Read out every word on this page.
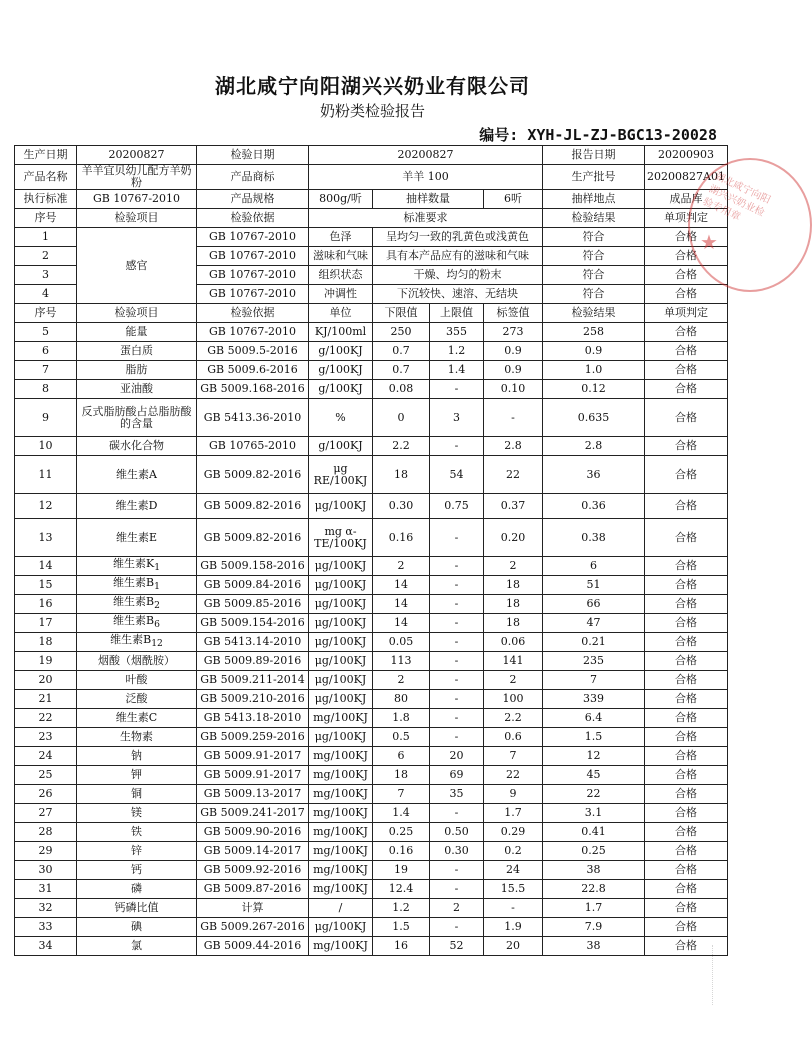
湖北咸宁向阳湖兴兴奶业有限公司
奶粉类检验报告
编号: XYH-JL-ZJ-BGC13-20028
生产日期	20200827	检验日期	20200827				报告日期	20200903
产品名称	羊羊宜贝幼儿配方羊奶粉	产品商标	羊羊 100				生产批号	20200827A01
执行标准	GB 10767-2010	产品规格	800g/听	抽样数量		6听	抽样地点	成品库
序号	检验项目	检验依据	标准要求				检验结果	单项判定
1	感官	GB 10767-2010	色泽	呈均匀一致的乳黄色或浅黄色			符合	合格
2		GB 10767-2010	滋味和气味	具有本产品应有的滋味和气味			符合	合格
3		GB 10767-2010	组织状态	干燥、均匀的粉末			符合	合格
4		GB 10767-2010	冲调性	下沉较快、速溶、无结块			符合	合格
序号	检验项目	检验依据	单位	下限值	上限值	标签值	检验结果	单项判定
5	能量	GB 10767-2010	KJ/100ml	250	355	273	258	合格
6	蛋白质	GB 5009.5-2016	g/100KJ	0.7	1.2	0.9	0.9	合格
7	脂肪	GB 5009.6-2016	g/100KJ	0.7	1.4	0.9	1.0	合格
8	亚油酸	GB 5009.168-2016	g/100KJ	0.08	-	0.10	0.12	合格
9	反式脂肪酸占总脂肪酸的含量	GB 5413.36-2010	%	0	3	-	0.635	合格
10	碳水化合物	GB 10765-2010	g/100KJ	2.2	-	2.8	2.8	合格
11	维生素A	GB 5009.82-2016	μg RE/100KJ	18	54	22	36	合格
12	维生素D	GB 5009.82-2016	μg/100KJ	0.30	0.75	0.37	0.36	合格
13	维生素E	GB 5009.82-2016	mg α-TE/100KJ	0.16	-	0.20	0.38	合格
14	维生素$K_1$	GB 5009.158-2016	μg/100KJ	2	-	2	6	合格
15	维生素$B_1$	GB 5009.84-2016	μg/100KJ	14	-	18	51	合格
16	维生素$B_2$	GB 5009.85-2016	μg/100KJ	14	-	18	66	合格
17	维生素$B_6$	GB 5009.154-2016	μg/100KJ	14	-	18	47	合格
18	维生素$B_{12}$	GB 5413.14-2010	μg/100KJ	0.05	-	0.06	0.21	合格
19	烟酸（烟酰胺）	GB 5009.89-2016	μg/100KJ	113	-	141	235	合格
20	叶酸	GB 5009.211-2014	μg/100KJ	2	-	2	7	合格
21	泛酸	GB 5009.210-2016	μg/100KJ	80	-	100	339	合格
22	维生素C	GB 5413.18-2010	mg/100KJ	1.8	-	2.2	6.4	合格
23	生物素	GB 5009.259-2016	μg/100KJ	0.5	-	0.6	1.5	合格
24	钠	GB 5009.91-2017	mg/100KJ	6	20	7	12	合格
25	钾	GB 5009.91-2017	mg/100KJ	18	69	22	45	合格
26	铜	GB 5009.13-2017	mg/100KJ	7	35	9	22	合格
27	镁	GB 5009.241-2017	mg/100KJ	1.4	-	1.7	3.1	合格
28	铁	GB 5009.90-2016	mg/100KJ	0.25	0.50	0.29	0.41	合格
29	锌	GB 5009.14-2017	mg/100KJ	0.16	0.30	0.2	0.25	合格
30	钙	GB 5009.92-2016	mg/100KJ	19	-	24	38	合格
31	磷	GB 5009.87-2016	mg/100KJ	12.4	-	15.5	22.8	合格
32	钙磷比值	计算	/	1.2	2	-	1.7	合格
33	碘	GB 5009.267-2016	μg/100KJ	1.5	-	1.9	7.9	合格
34	氯	GB 5009.44-2016	mg/100KJ	16	52	20	38	合格
湖北咸宁向阳湖兴兴奶业检验专用章
★
